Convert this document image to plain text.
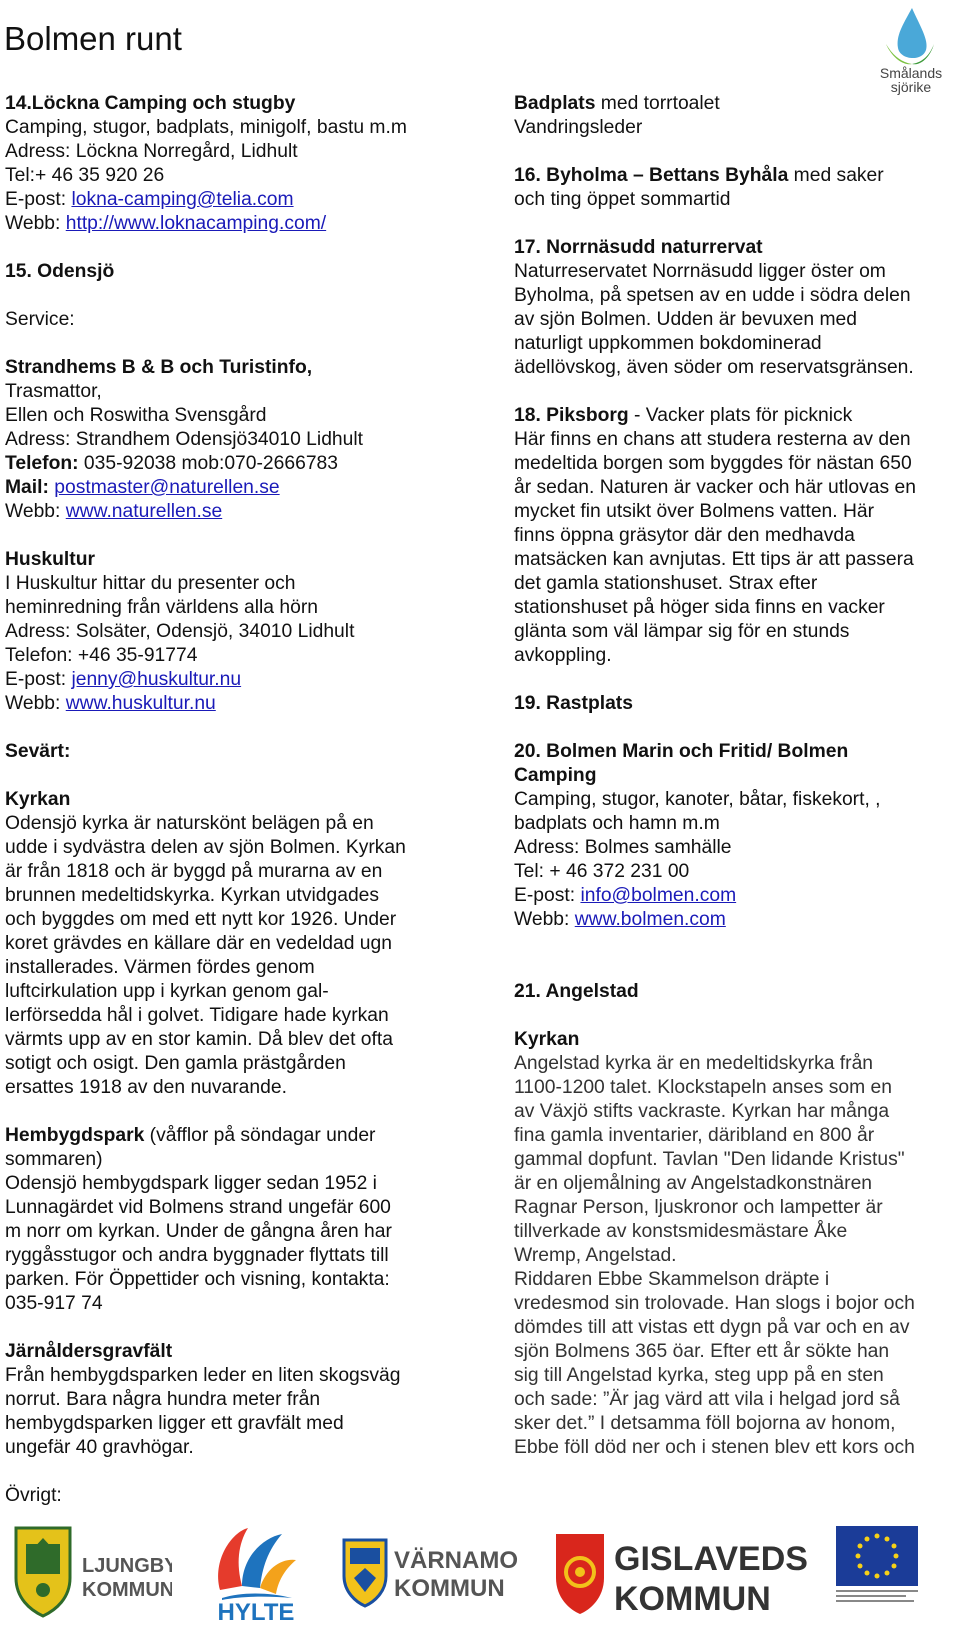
Bolmen runt
Smålands
sjörike

14.Löckna Camping och stugby

Camping, stugor, badplats, minigolf, bastu m.m

Adress: Löckna Norregård, Lidhult

Tel:+ 46 35 920 26

E-post: lokna-camping@telia.com

Webb: http://www.loknacamping.com/

15. Odensjö

Service:

Strandhems B & B och Turistinfo,

Trasmattor,

Ellen och Roswitha Svensgård

Adress: Strandhem Odensjö34010 Lidhult

Telefon: 035-92038 mob:070-2666783

Mail: postmaster@naturellen.se

Webb: www.naturellen.se

Huskultur

I Huskultur hittar du presenter och

heminredning från världens alla hörn

Adress: Solsäter, Odensjö, 34010 Lidhult

Telefon: +46 35-91774

E-post: jenny@huskultur.nu

Webb: www.huskultur.nu

Sevärt:

Kyrkan

Odensjö kyrka är naturskönt belägen på en

udde i sydvästra delen av sjön Bolmen. Kyrkan

är från 1818 och är byggd på murarna av en

brunnen medeltidskyrka. Kyrkan utvidgades

och byggdes om med ett nytt kor 1926. Under

koret grävdes en källare där en vedeldad ugn

installerades. Värmen fördes genom

luftcirkulation upp i kyrkan genom gal-

lerförsedda hål i golvet. Tidigare hade kyrkan

värmts upp av en stor kamin. Då blev det ofta

sotigt och osigt. Den gamla prästgården

ersattes 1918 av den nuvarande.

Hembygdspark (våfflor på söndagar under

sommaren)

Odensjö hembygdspark ligger sedan 1952 i

Lunnagärdet vid Bolmens strand ungefär 600

m norr om kyrkan. Under de gångna åren har

ryggåsstugor och andra byggnader flyttats till

parken. För Öppettider och visning, kontakta:

035-917 74

Järnåldersgravfält

Från hembygdsparken leder en liten skogsväg

norrut. Bara några hundra meter från

hembygdsparken ligger ett gravfält med

ungefär 40 gravhögar.

Övrigt:

Badplats med torrtoalet

Vandringsleder

16. Byholma – Bettans Byhåla med saker

och ting öppet sommartid

17. Norrnäsudd naturrervat

Naturreservatet Norrnäsudd ligger öster om

Byholma, på spetsen av en udde i södra delen

av sjön Bolmen. Udden är bevuxen med

naturligt uppkommen bokdominerad

ädellövskog, även söder om reservatsgränsen.

18. Piksborg - Vacker plats för picknick

Här finns en chans att studera resterna av den

medeltida borgen som byggdes för nästan 650

år sedan. Naturen är vacker och här utlovas en

mycket fin utsikt över Bolmens vatten. Här

finns öppna gräsytor där den medhavda

matsäcken kan avnjutas. Ett tips är att passera

det gamla stationshuset. Strax efter

stationshuset på höger sida finns en vacker

glänta som väl lämpar sig för en stunds

avkoppling.

19. Rastplats

20. Bolmen Marin och Fritid/ Bolmen

Camping

Camping, stugor, kanoter, båtar, fiskekort, ,

badplats och hamn m.m

Adress: Bolmes samhälle

Tel: + 46 372 231 00

E-post: info@bolmen.com

Webb: www.bolmen.com

21. Angelstad

Kyrkan

Angelstad kyrka är en medeltidskyrka från

1100-1200 talet. Klockstapeln anses som en

av Växjö stifts vackraste. Kyrkan har många

fina gamla inventarier, däribland en 800 år

gammal dopfunt. Tavlan "Den lidande Kristus"

är en oljemålning av Angelstadkonstnären

Ragnar Person, ljuskronor och lampetter är

tillverkade av konstsmidesmästare Åke

Wremp, Angelstad.

Riddaren Ebbe Skammelson dräpte i

vredesmod sin trolovade. Han slogs i bojor och

dömdes till att vistas ett dygn på var och en av

sjön Bolmens 365 öar. Efter ett år sökte han

sig till Angelstad kyrka, steg upp på en sten

och sade: ”Är jag värd att vila i helgad jord så

sker det.” I detsamma föll bojorna av honom,

Ebbe föll död ner och i stenen blev ett kors och

LJUNGBY
KOMMUN
HYLTE
VÄRNAMO
KOMMUN
GISLAVEDS
KOMMUN
